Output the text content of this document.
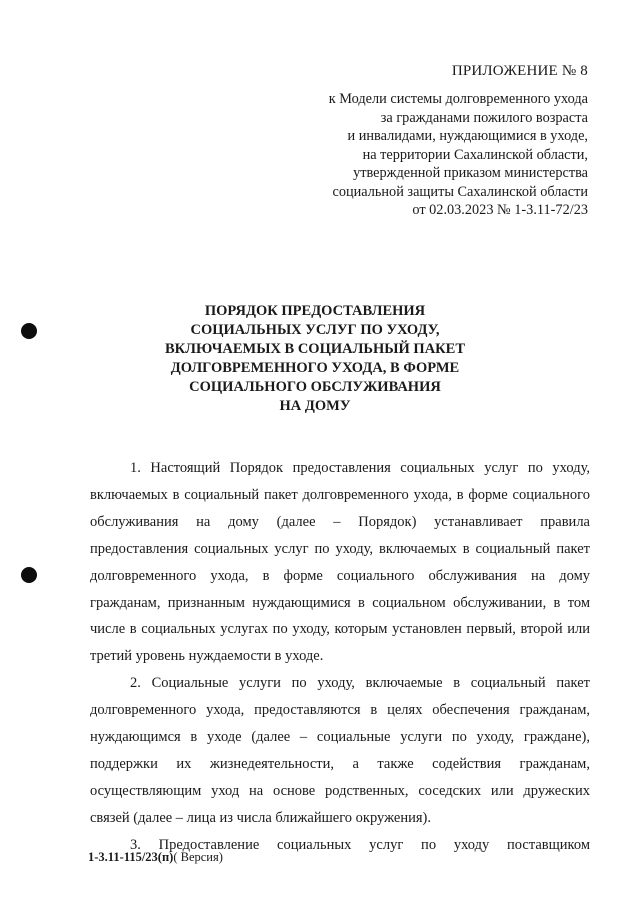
ПРИЛОЖЕНИЕ № 8
к Модели системы долговременного ухода
за гражданами пожилого возраста
и инвалидами, нуждающимися в уходе,
на территории Сахалинской области,
утвержденной приказом министерства
социальной защиты Сахалинской области
от 02.03.2023 № 1-3.11-72/23
ПОРЯДОК ПРЕДОСТАВЛЕНИЯ
СОЦИАЛЬНЫХ УСЛУГ ПО УХОДУ,
ВКЛЮЧАЕМЫХ В СОЦИАЛЬНЫЙ ПАКЕТ
ДОЛГОВРЕМЕННОГО УХОДА, В ФОРМЕ
СОЦИАЛЬНОГО ОБСЛУЖИВАНИЯ
НА ДОМУ

1. Настоящий Порядок предоставления социальных услуг по уходу, включаемых в социальный пакет долговременного ухода, в форме социального обслуживания на дому (далее – Порядок) устанавливает правила предоставления социальных услуг по уходу, включаемых в социальный пакет долговременного ухода, в форме социального обслуживания на дому гражданам, признанным нуждающимися в социальном обслуживании, в том числе в социальных услугах по уходу, которым установлен первый, второй или третий уровень нуждаемости в уходе.

2. Социальные услуги по уходу, включаемые в социальный пакет долговременного ухода, предоставляются в целях обеспечения гражданам, нуждающимся в уходе (далее – социальные услуги по уходу, граждане), поддержки их жизнедеятельности, а также содействия гражданам, осуществляющим уход на основе родственных, соседских или дружеских связей (далее – лица из числа ближайшего окружения).

3. Предоставление социальных услуг по уходу поставщиком

1-3.11-115/23(п)( Версия)
